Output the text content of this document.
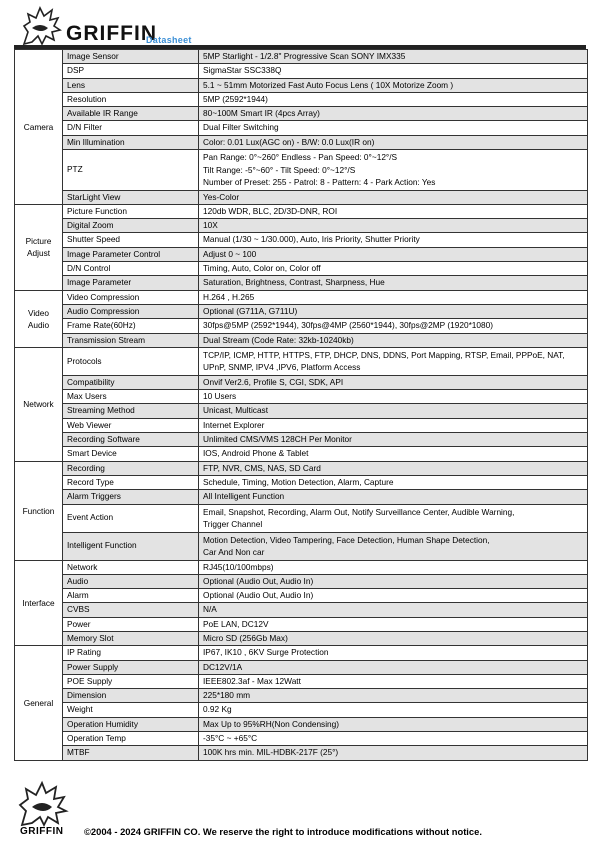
GRIFFIN
Datasheet
Camera	Image Sensor	5MP Starlight - 1/2.8" Progressive Scan SONY IMX335

	DSP	SigmaStar SSC338Q

	Lens	5.1 ~ 51mm Motorized Fast Auto Focus Lens ( 10X Motorize Zoom )

	Resolution	5MP (2592*1944)

	Available IR Range	80~100M Smart IR (4pcs Array)

	D/N Filter	Dual Filter Switching

	Min Illumination	Color: 0.01 Lux(AGC on) - B/W: 0.0 Lux(IR on)

	PTZ	Pan Range: 0°~260° Endless - Pan Speed: 0°~12°/S
Tilt Range: -5°~60° - Tilt Speed: 0°~12°/S
Number of Preset: 255 - Patrol: 8 - Pattern: 4 - Park Action: Yes

	StarLight View	Yes-Color

Picture Adjust	Picture Function	120db WDR, BLC, 2D/3D-DNR, ROI

	Digital Zoom	10X

	Shutter Speed	Manual (1/30 ~ 1/30.000), Auto, Iris Priority, Shutter Priority

	Image Parameter Control	Adjust 0 ~ 100

	D/N Control	Timing, Auto, Color on, Color off

	Image Parameter	Saturation, Brightness, Contrast, Sharpness, Hue

Video Audio	Video Compression	H.264 , H.265

	Audio Compression	Optional (G711A, G711U)

	Frame Rate(60Hz)	30fps@5MP (2592*1944), 30fps@4MP (2560*1944), 30fps@2MP (1920*1080)

	Transmission Stream	Dual Stream (Code Rate: 32kb-10240kb)

Network	Protocols	TCP/IP, ICMP, HTTP, HTTPS, FTP, DHCP, DNS, DDNS, Port Mapping, RTSP, Email, PPPoE, NAT,
UPnP, SNMP, IPV4 ,IPV6, Platform Access

	Compatibility	Onvif Ver2.6, Profile S, CGI, SDK, API

	Max Users	10 Users

	Streaming Method	Unicast, Multicast

	Web Viewer	Internet Explorer

	Recording Software	Unlimited CMS/VMS 128CH Per Monitor

	Smart Device	IOS, Android Phone & Tablet

Function	Recording	FTP, NVR, CMS, NAS, SD Card

	Record Type	Schedule, Timing, Motion Detection, Alarm, Capture

	Alarm Triggers	All Intelligent Function

	Event Action	Email, Snapshot, Recording, Alarm Out, Notify Surveillance Center, Audible Warning,
Trigger Channel

	Intelligent Function	Motion Detection, Video Tampering, Face Detection, Human Shape Detection,
Car And Non car

Interface	Network	RJ45(10/100mbps)

	Audio	Optional (Audio Out, Audio In)

	Alarm	Optional (Audio Out, Audio In)

	CVBS	N/A

	Power	PoE LAN, DC12V

	Memory Slot	Micro SD (256Gb Max)

General	IP Rating	IP67, IK10 , 6KV Surge Protection

	Power Supply	DC12V/1A

	POE Supply	IEEE802.3af - Max 12Watt

	Dimension	225*180 mm

	Weight	0.92 Kg

	Operation Humidity	Max Up to 95%RH(Non Condensing)

	Operation Temp	-35°C ~ +65°C

	MTBF	100K hrs min. MIL-HDBK-217F (25°)
GRIFFIN ©2004 - 2024 GRIFFIN CO. We reserve the right to introduce modifications without notice.
